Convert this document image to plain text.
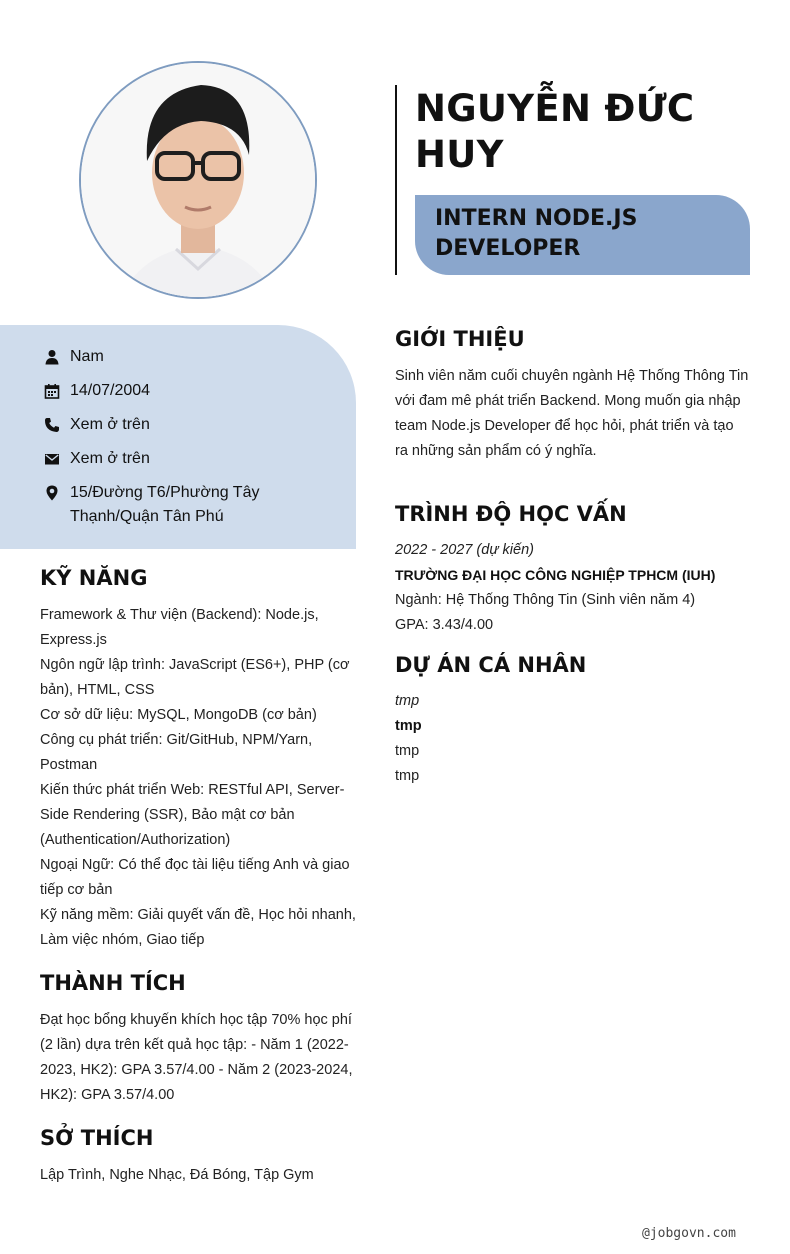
NGUYỄN ĐỨC HUY
INTERN NODE.JS DEVELOPER
Nam
14/07/2004
Xem ở trên
Xem ở trên
15/Đường T6/Phường Tây Thạnh/Quận Tân Phú
KỸ NĂNG

Framework & Thư viện (Backend): Node.js, Express.js

Ngôn ngữ lập trình: JavaScript (ES6+), PHP (cơ bản), HTML, CSS

Cơ sở dữ liệu: MySQL, MongoDB (cơ bản)

Công cụ phát triển: Git/GitHub, NPM/Yarn, Postman

Kiến thức phát triển Web: RESTful API, Server-Side Rendering (SSR), Bảo mật cơ bản (Authentication/Authorization)

Ngoại Ngữ: Có thể đọc tài liệu tiếng Anh và giao tiếp cơ bản

Kỹ năng mềm: Giải quyết vấn đề, Học hỏi nhanh, Làm việc nhóm, Giao tiếp

THÀNH TÍCH

Đạt học bổng khuyến khích học tập 70% học phí (2 lần) dựa trên kết quả học tập: - Năm 1 (2022-2023, HK2): GPA 3.57/4.00 - Năm 2 (2023-2024, HK2): GPA 3.57/4.00

SỞ THÍCH

Lập Trình, Nghe Nhạc, Đá Bóng, Tập Gym

GIỚI THIỆU

Sinh viên năm cuối chuyên ngành Hệ Thống Thông Tin với đam mê phát triển Backend. Mong muốn gia nhập team Node.js Developer để học hỏi, phát triển và tạo ra những sản phẩm có ý nghĩa.

TRÌNH ĐỘ HỌC VẤN

2022 - 2027 (dự kiến)

TRƯỜNG ĐẠI HỌC CÔNG NGHIỆP TPHCM (IUH)

Ngành: Hệ Thống Thông Tin (Sinh viên năm 4)

GPA: 3.43/4.00

DỰ ÁN CÁ NHÂN

tmp

tmp

tmp

tmp

@jobgovn.com
